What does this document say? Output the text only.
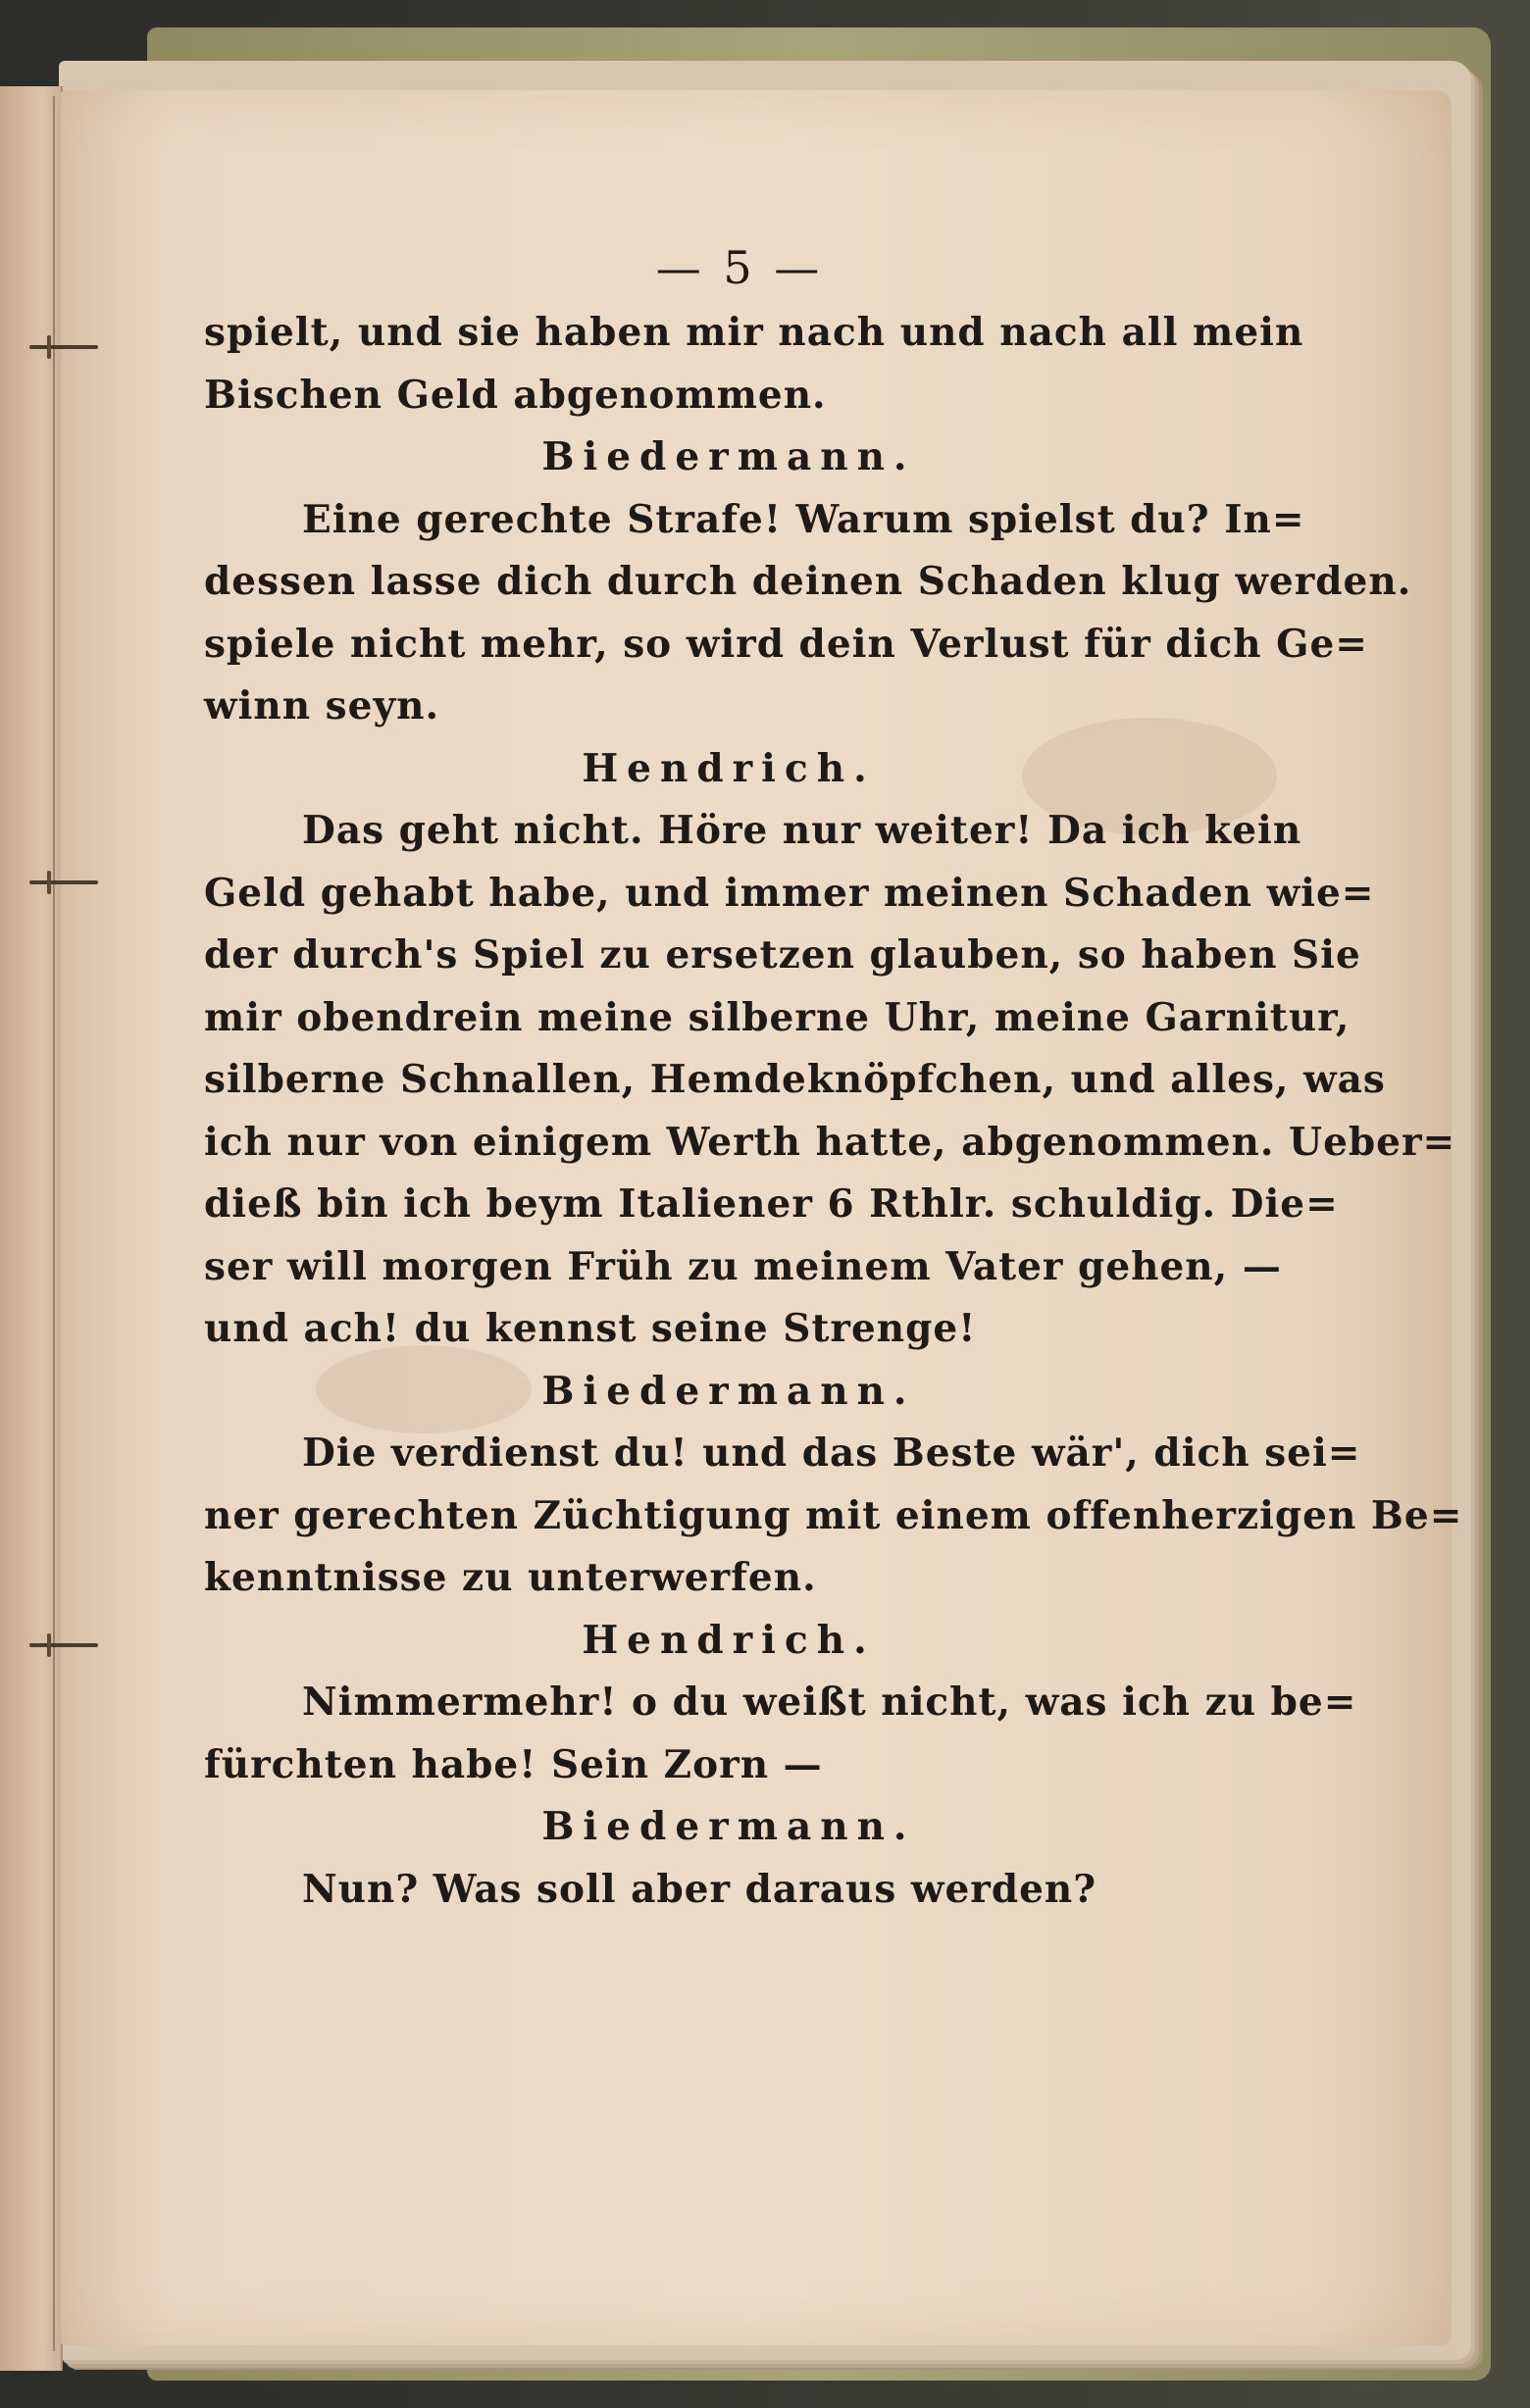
— 5 —
spielt, und sie haben mir nach und nach all mein
Bischen Geld abgenommen.
Biedermann.
Eine gerechte Strafe! Warum spielst du? In=
dessen lasse dich durch deinen Schaden klug werden.
spiele nicht mehr, so wird dein Verlust für dich Ge=
winn seyn.
Hendrich.
Das geht nicht. Höre nur weiter! Da ich kein
Geld gehabt habe, und immer meinen Schaden wie=
der durch's Spiel zu ersetzen glauben, so haben Sie
mir obendrein meine silberne Uhr, meine Garnitur,
silberne Schnallen, Hemdeknöpfchen, und alles, was
ich nur von einigem Werth hatte, abgenommen. Ueber=
dieß bin ich beym Italiener 6 Rthlr. schuldig. Die=
ser will morgen Früh zu meinem Vater gehen, —
und ach! du kennst seine Strenge!
Biedermann.
Die verdienst du! und das Beste wär', dich sei=
ner gerechten Züchtigung mit einem offenherzigen Be=
kenntnisse zu unterwerfen.
Hendrich.
Nimmermehr! o du weißt nicht, was ich zu be=
fürchten habe! Sein Zorn —
Biedermann.
Nun? Was soll aber daraus werden?
